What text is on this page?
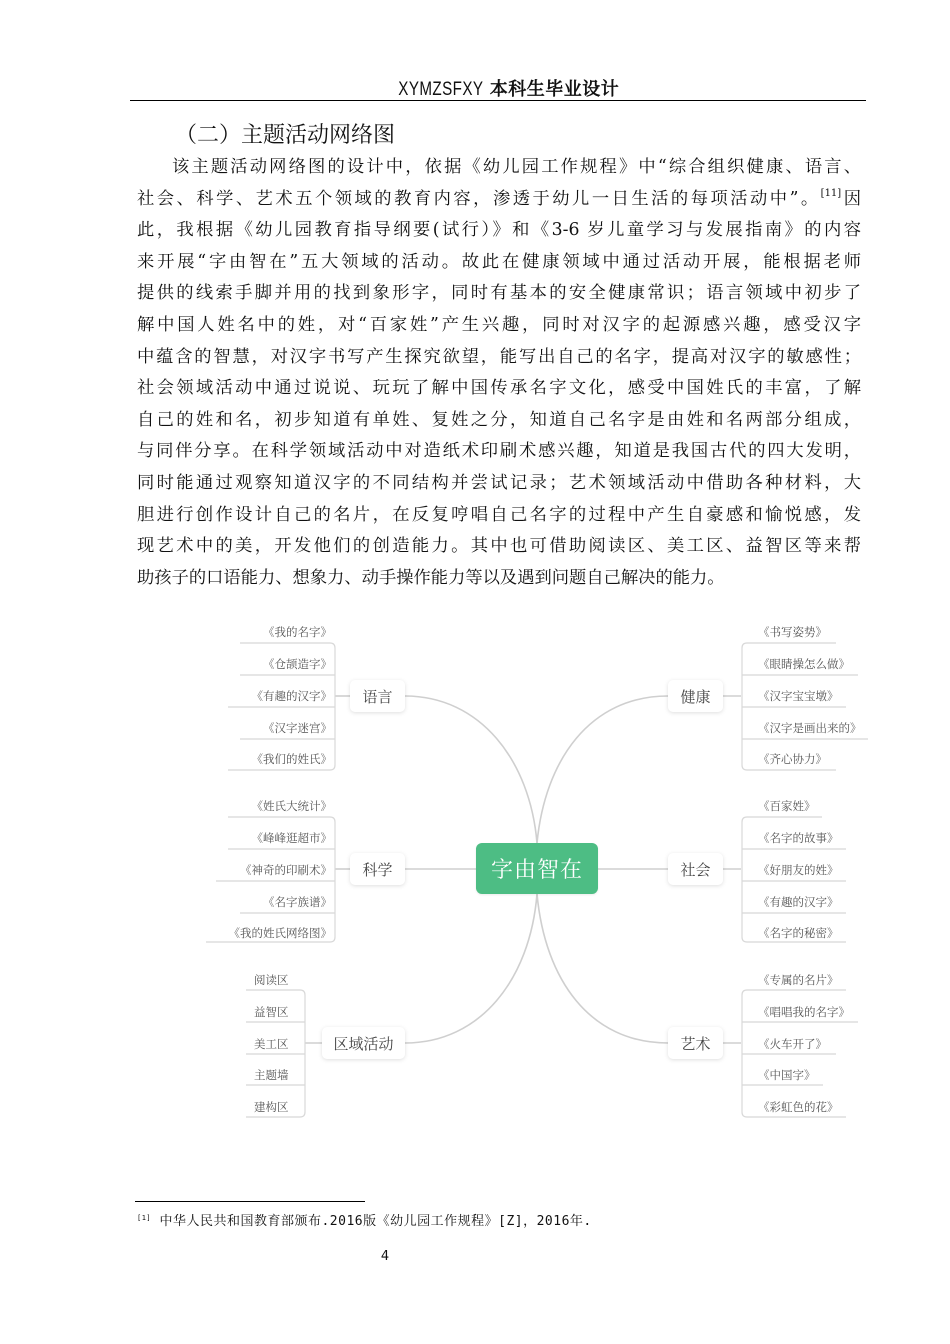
XYMZSFXY 本科生毕业设计
（二）主题活动网络图
该主题活动网络图的设计中，依据《幼儿园工作规程》中“综合组织健康、语言、
社会、科学、艺术五个领域的教育内容，渗透于幼儿一日生活的每项活动中”。[11]因
此，我根据《幼儿园教育指导纲要(试行）》和《3-6 岁儿童学习与发展指南》的内容
来开展“字由智在”五大领域的活动。故此在健康领域中通过活动开展，能根据老师
提供的线索手脚并用的找到象形字，同时有基本的安全健康常识；语言领域中初步了
解中国人姓名中的姓，对“百家姓”产生兴趣，同时对汉字的起源感兴趣，感受汉字
中蕴含的智慧，对汉字书写产生探究欲望，能写出自己的名字，提高对汉字的敏感性；
社会领域活动中通过说说、玩玩了解中国传承名字文化，感受中国姓氏的丰富，了解
自己的姓和名，初步知道有单姓、复姓之分，知道自己名字是由姓和名两部分组成，
与同伴分享。在科学领域活动中对造纸术印刷术感兴趣，知道是我国古代的四大发明，
同时能通过观察知道汉字的不同结构并尝试记录；艺术领域活动中借助各种材料，大
胆进行创作设计自己的名片，在反复哼唱自己名字的过程中产生自豪感和愉悦感，发
现艺术中的美，开发他们的创造能力。其中也可借助阅读区、美工区、益智区等来帮
助孩子的口语能力、想象力、动手操作能力等以及遇到问题自己解决的能力。
字由智在
语言
科学
区域活动
健康
社会
艺术
《我的名字》
《仓颉造字》
《有趣的汉字》
《汉字迷宫》
《我们的姓氏》
《姓氏大统计》
《峰峰逛超市》
《神奇的印刷术》
《名字族谱》
《我的姓氏网络图》
阅读区
益智区
美工区
主题墙
建构区
《书写姿势》
《眼睛操怎么做》
《汉字宝宝墩》
《汉字是画出来的》
《齐心协力》
《百家姓》
《名字的故事》
《好朋友的姓》
《有趣的汉字》
《名字的秘密》
《专属的名片》
《唱唱我的名字》
《火车开了》
《中国字》
《彩虹色的花》
[1] 中华人民共和国教育部颁布.2016版《幼儿园工作规程》[Z]，2016年.
4
